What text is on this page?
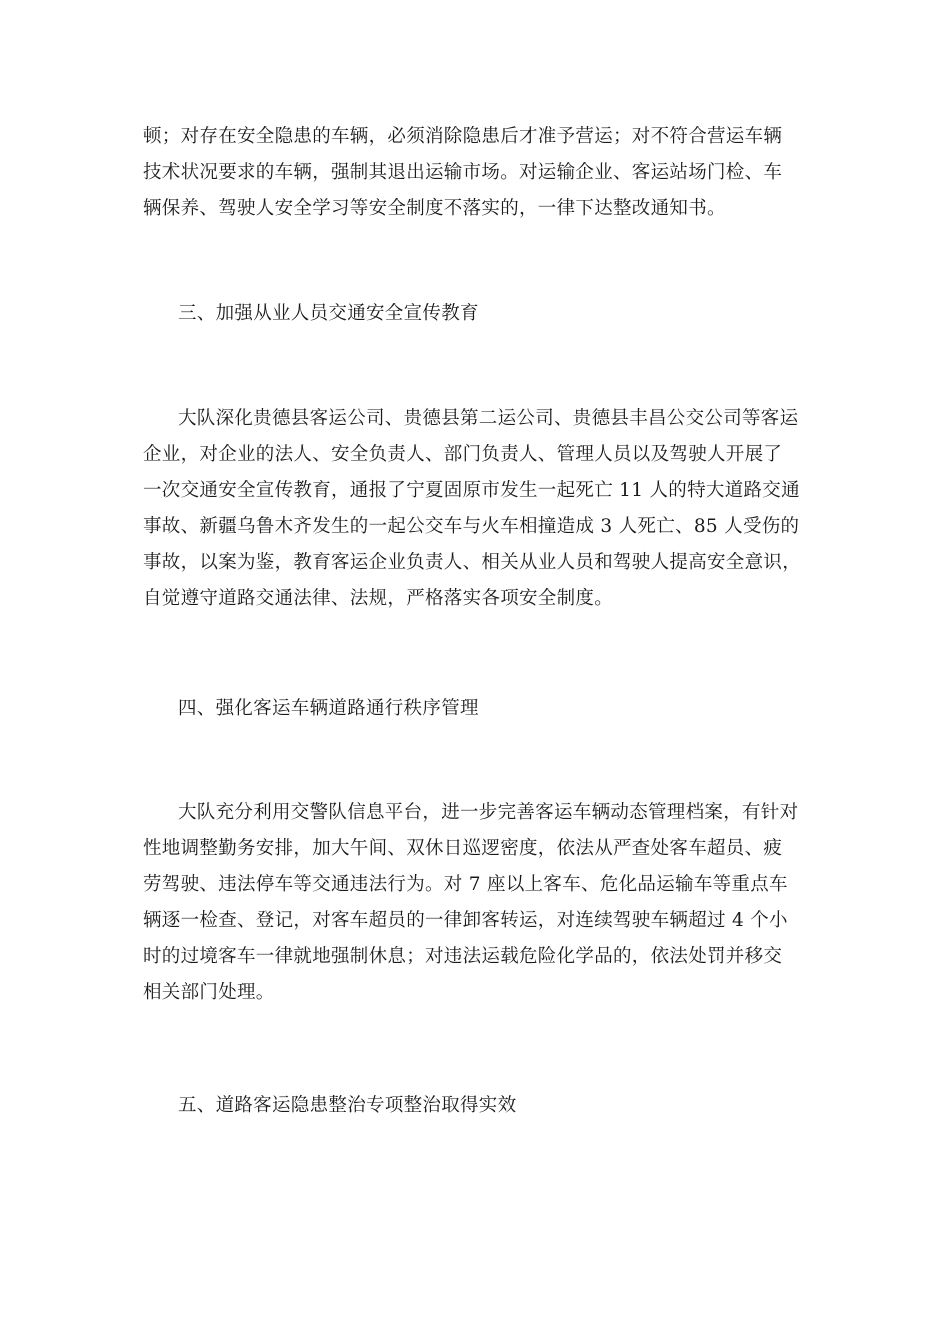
顿；对存在安全隐患的车辆，必须消除隐患后才准予营运；对不符合营运车辆
技术状况要求的车辆，强制其退出运输市场。对运输企业、客运站场门检、车
辆保养、驾驶人安全学习等安全制度不落实的，一律下达整改通知书。
三、加强从业人员交通安全宣传教育
大队深化贵德县客运公司、贵德县第二运公司、贵德县丰昌公交公司等客运
企业，对企业的法人、安全负责人、部门负责人、管理人员以及驾驶人开展了
一次交通安全宣传教育，通报了宁夏固原市发生一起死亡 11 人的特大道路交通
事故、新疆乌鲁木齐发生的一起公交车与火车相撞造成 3 人死亡、85 人受伤的
事故，以案为鉴，教育客运企业负责人、相关从业人员和驾驶人提高安全意识，
自觉遵守道路交通法律、法规，严格落实各项安全制度。
四、强化客运车辆道路通行秩序管理
大队充分利用交警队信息平台，进一步完善客运车辆动态管理档案，有针对
性地调整勤务安排，加大午间、双休日巡逻密度，依法从严查处客车超员、疲
劳驾驶、违法停车等交通违法行为。对 7 座以上客车、危化品运输车等重点车
辆逐一检查、登记，对客车超员的一律卸客转运，对连续驾驶车辆超过 4 个小
时的过境客车一律就地强制休息；对违法运载危险化学品的，依法处罚并移交
相关部门处理。
五、道路客运隐患整治专项整治取得实效
